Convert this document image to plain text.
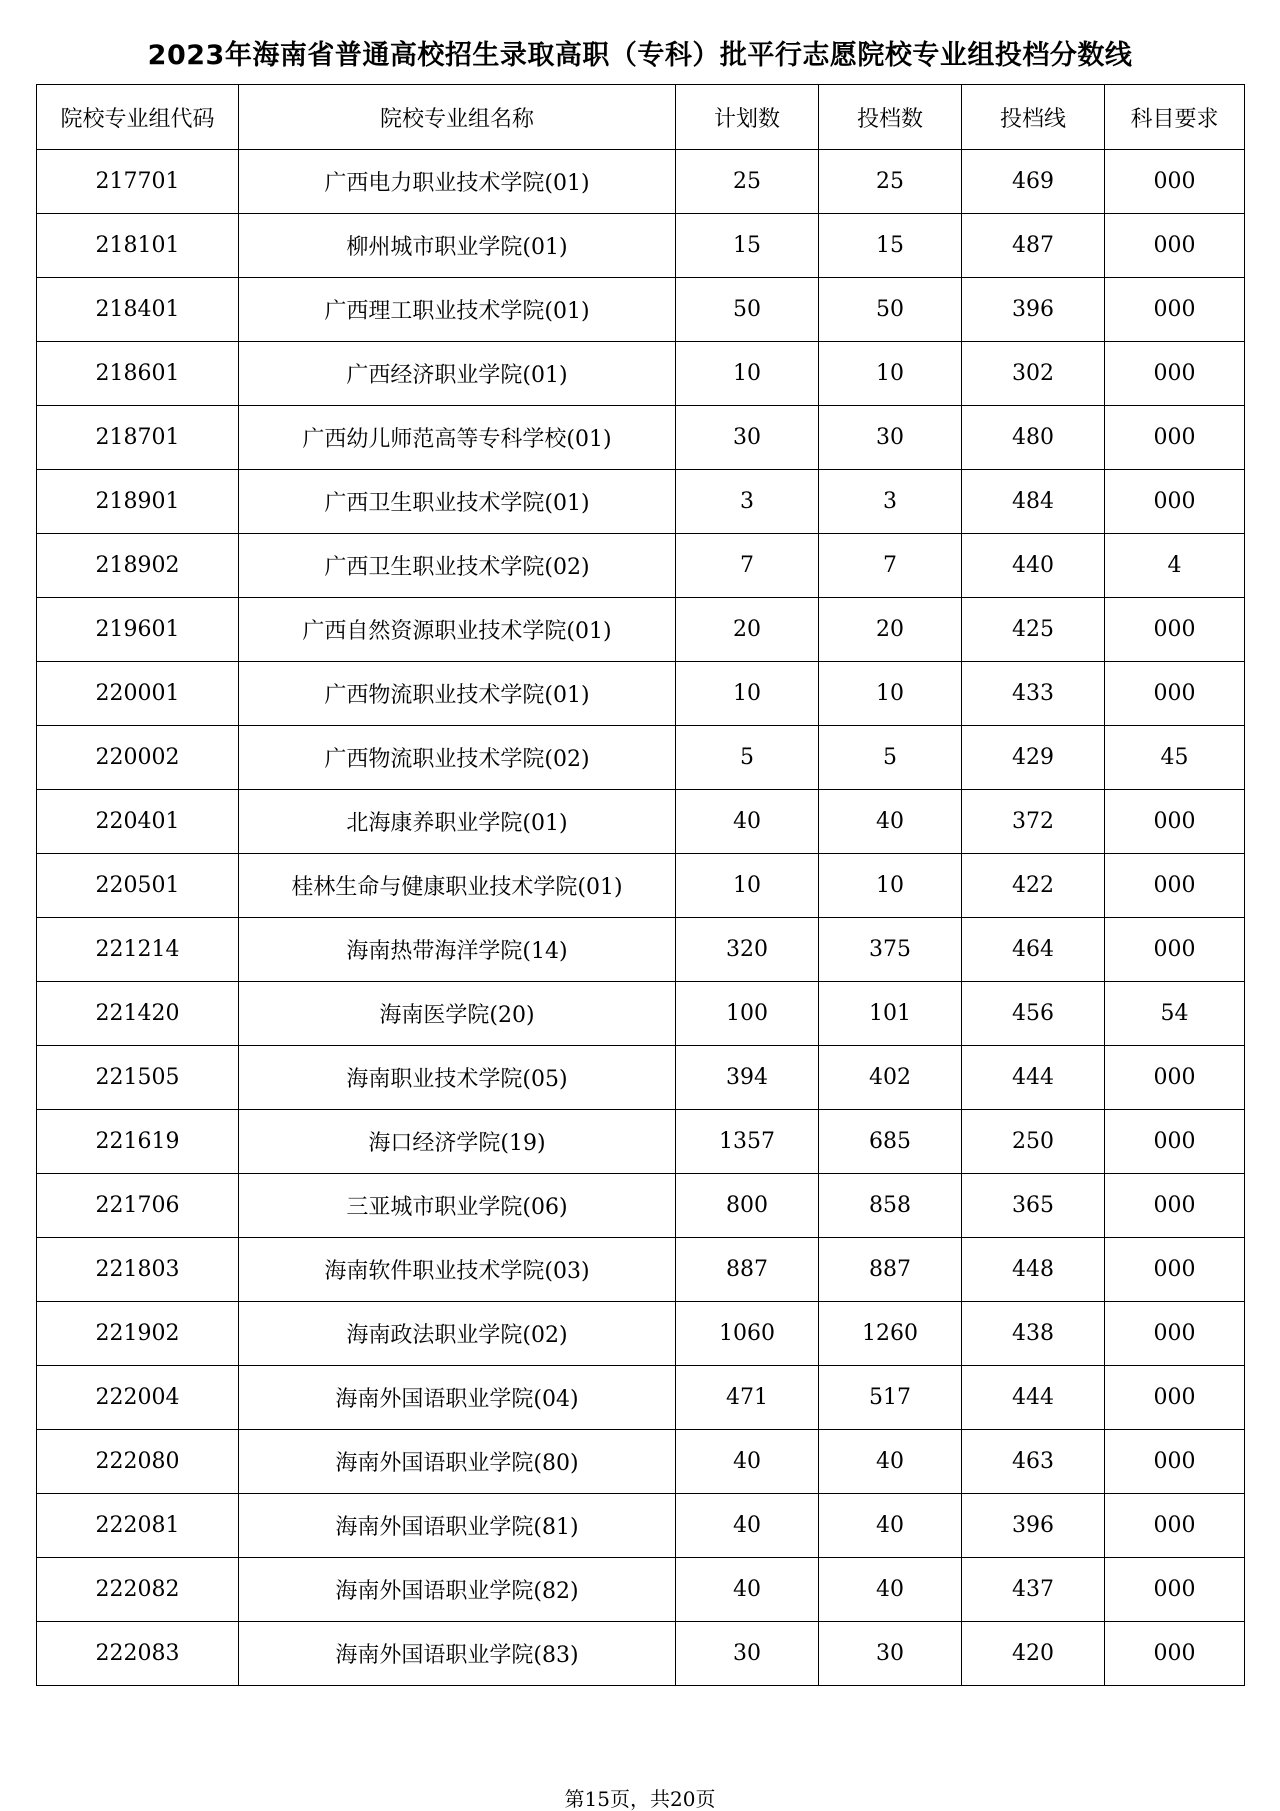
2023年海南省普通高校招生录取高职（专科）批平行志愿院校专业组投档分数线
院校专业组代码	院校专业组名称	计划数	投档数	投档线	科目要求
217701	广西电力职业技术学院(01)	25	25	469	000
218101	柳州城市职业学院(01)	15	15	487	000
218401	广西理工职业技术学院(01)	50	50	396	000
218601	广西经济职业学院(01)	10	10	302	000
218701	广西幼儿师范高等专科学校(01)	30	30	480	000
218901	广西卫生职业技术学院(01)	3	3	484	000
218902	广西卫生职业技术学院(02)	7	7	440	4
219601	广西自然资源职业技术学院(01)	20	20	425	000
220001	广西物流职业技术学院(01)	10	10	433	000
220002	广西物流职业技术学院(02)	5	5	429	45
220401	北海康养职业学院(01)	40	40	372	000
220501	桂林生命与健康职业技术学院(01)	10	10	422	000
221214	海南热带海洋学院(14)	320	375	464	000
221420	海南医学院(20)	100	101	456	54
221505	海南职业技术学院(05)	394	402	444	000
221619	海口经济学院(19)	1357	685	250	000
221706	三亚城市职业学院(06)	800	858	365	000
221803	海南软件职业技术学院(03)	887	887	448	000
221902	海南政法职业学院(02)	1060	1260	438	000
222004	海南外国语职业学院(04)	471	517	444	000
222080	海南外国语职业学院(80)	40	40	463	000
222081	海南外国语职业学院(81)	40	40	396	000
222082	海南外国语职业学院(82)	40	40	437	000
222083	海南外国语职业学院(83)	30	30	420	000
第15页，共20页
